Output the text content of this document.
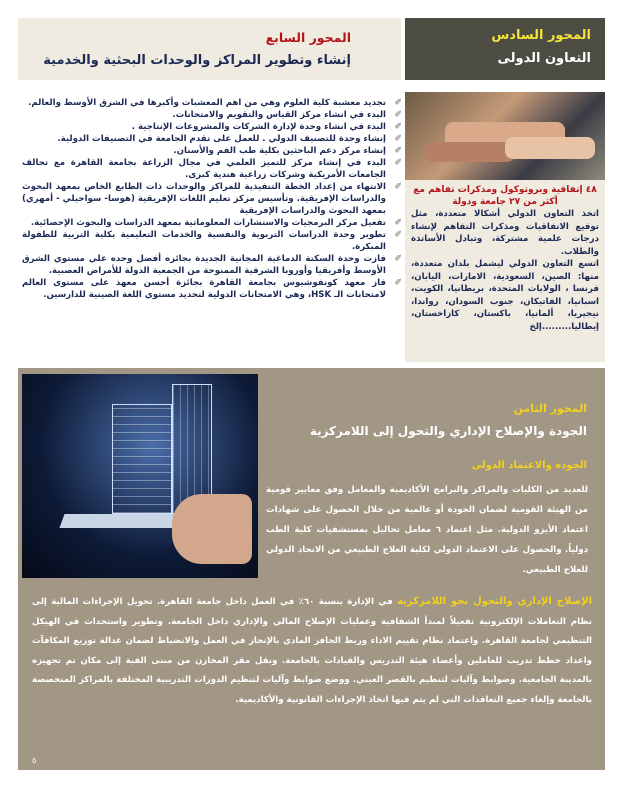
المحور السادس
التعاون الدولى
المحور السابع
إنشاء وتطوير المراكز والوحدات البحثية والخدمية
✐ تجديد معشبة كلية العلوم وهي من اهم المعشبات وأكبرها في الشرق الأوسط والعالم.
✐ البدء في انشاء مركز القياس والتقويم والامتحانات.
✐ البدء في انشاء وحدة لإدارة الشركات والمشروعات الإنتاجية .
✐ إنشاء وحدة للتصنيف الدولي . للعمل على تقدم الجامعة في التصنيفات الدولية.
✐ إنشاء مركز دعم الباحثين بكلية طب الفم والأسنان.
✐ البدء في إنشاء مركز للتميز العلمي في مجال الزراعة بجامعة القاهرة مع تحالف الجامعات الأمريكية وشركات زراعية هندية كبرى.
✐ الانتهاء من إعداد الخطة التنفيذية للمراكز والوحدات ذات الطابع الخاص بمعهد البحوث والدراسات الإفريقية. وتأسيس مركز تعليم اللغات الإفريقية (هوسا- سواحيلي - أمهري) بمعهد البحوث والدراسات الإفريقية
✐ تفعيل مركز البرمجيات والاستشارات المعلوماتية بمعهد الدراسات والبحوث الإحصائية.
✐ تطوير وحدة الدراسات التربوية والنفسية والخدمات التعليمية بكلية التربية للطفولة المبكرة.
✐ فازت وحدة السكتة الدماغية المجانية الجديدة بجائزه أفضل وحده علي مستوي الشرق الأوسط وأفريقيا وأوروبا الشرقية الممنوحة من الجمعية الدولة للأمراض العصبية.
✐ فاز معهد كونفوشيوس بجامعة القاهرة بجائزة أحسن معهد على مستوى العالم لامتحانات الـ HSK، وهي الامتحانات الدولية لتحديد مستوي اللغة الصينية للدارسين.
٤٨ إتفاقية وبروتوكول ومذكرات تفاهم مع أكثر من ٢٧ جامعة ودولة

اتخذ التعاون الدولي أشكالا متعددة، مثل توقيع الاتفاقيات ومذكرات التفاهم لإنشاء درجات علمية مشتركة، وتبادل الأساتذة والطلاب.

اتسع التعاون الدولي ليشمل بلدان متعددة، منها: الصين، السعودية، الامارات، اليابان، فرنسا ، الولايات المتحدة، بريطانيا، الكويت، اسبانيا، الفاتيكان، جنوب السودان، رواندا، نيجيريا، ألمانيا، باكستان، كازاخستان، إيطاليا.........إلخ

المحور الثامن
الجودة والإصلاح الإداري والتحول إلى اللامركزية
الجودة والاعتماد الدولي
للعديد من الكليات والمراكز والبرامج الأكاديمية والمعامل وفق معايير قومية من الهيئة القومية لضمان الجودة أو عالمية من خلال الحصول على شهادات اعتماد الأيزو الدولية. مثل اعتماد ٦ معامل تحاليل بمستشفيات كلية الطب دولياً. والحصول على الاعتماد الدولي لكلية العلاج الطبيعي من الاتحاد الدولي للعلاج الطبيعي.
الإصلاح الإداري والتحول نحو اللامركزية في الإدارة بنسبة ٦٠٪ في العمل داخل جامعة القاهرة. تحويل الإجراءات المالية إلى نظام التعاملات الإلكترونية تفعيلاً لمبدأ الشفافية وعمليات الإصلاح المالي والإداري داخل الجامعة. وتطوير واستحداث في الهيكل التنظيمي لجامعة القاهرة. واعتماد نظام تقييم الاداء وربط الحافز المادي بالإنجاز في العمل والانضباط لضمان عدالة توزيع المكافآت واعداد خطط تدريب للعاملين وأعضاء هيئة التدريس والقيادات بالجامعة. ونقل مقر المخازن من مبنى القبة إلى مكان تم تجهيزه بالمدينة الجامعية. وضوابط وآليات لتنظيم بالقصر العيني. ووضع ضوابط وآليات لتنظيم الدورات التدريبية المختلفة بالمراكز المتخصصة بالجامعة وإلغاء جميع التعاقدات التي لم يتم فيها اتخاذ الإجراءات القانونية والأكاديمية.
٥
